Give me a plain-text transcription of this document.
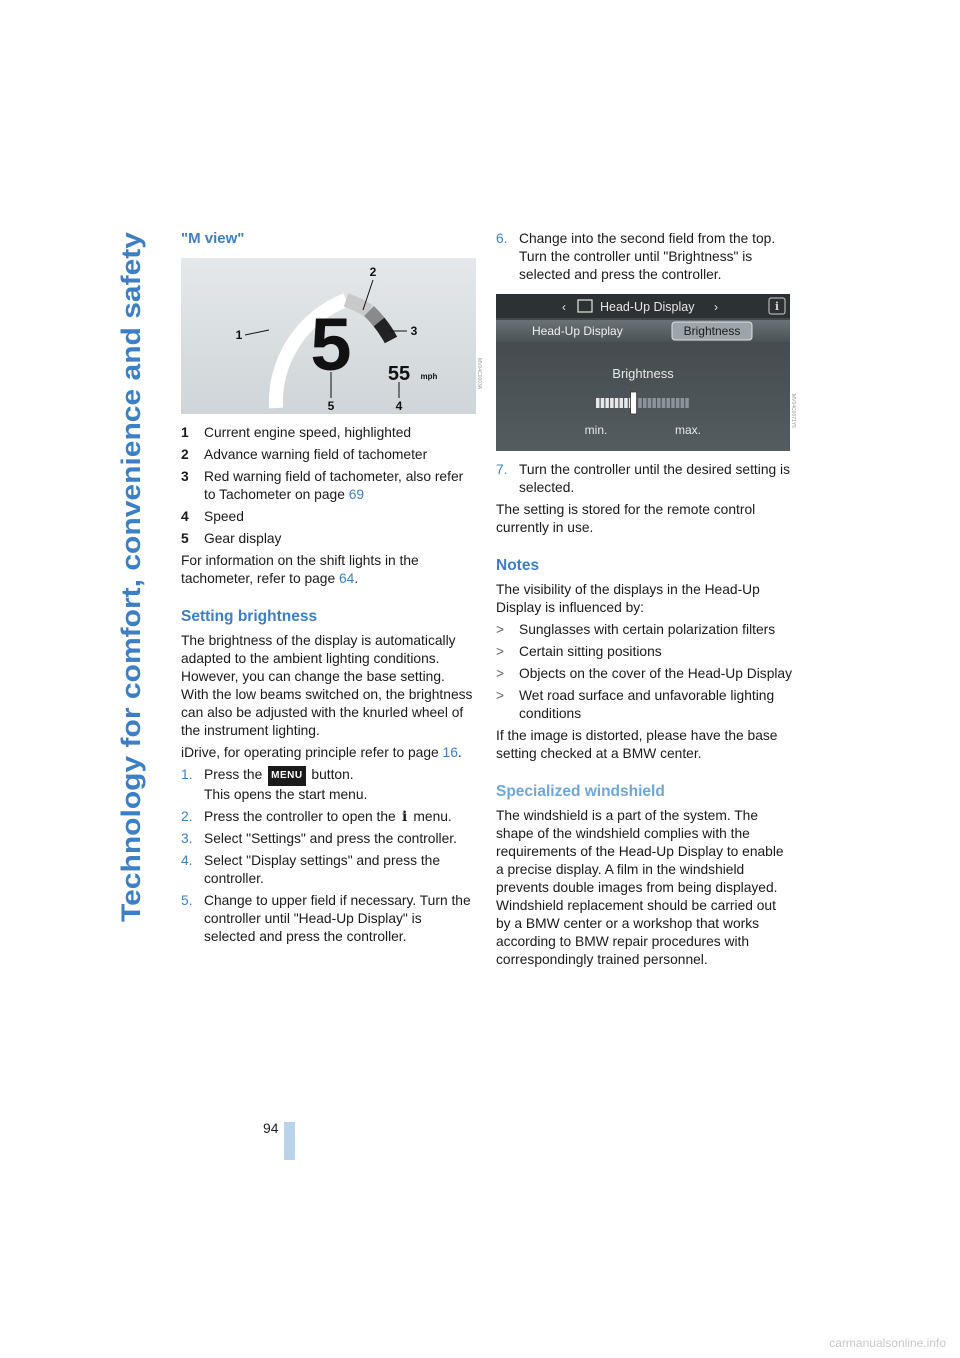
Technology for comfort, convenience and safety
"M view"
5 55 mph
1
2
3
4
5
MV04C0003A
1	Current engine speed, highlighted
2	Advance warning field of tachometer
3	Red warning field of tachometer, also refer to Tachometer on page 69
4	Speed
5	Gear display

For information on the shift lights in the tachometer, refer to page 64.

Setting brightness

The brightness of the display is automatically adapted to the ambient lighting conditions. However, you can change the base setting. With the low beams switched on, the brightness can also be adjusted with the knurled wheel of the instrument lighting.

iDrive, for operating principle refer to page 16.

1. Press the MENU button.
This opens the start menu.
2. Press the controller to open the i menu.
3. Select "Settings" and press the controller.
4. Select "Display settings" and press the controller.
5. Change to upper field if necessary. Turn the controller until "Head-Up Display" is selected and press the controller.
6. Change into the second field from the top. Turn the controller until "Brightness" is selected and press the controller.
‹	Head-Up Display ›	i
Head-Up Display	Brightness
Brightness
min.	max.
MV04C0071Y5
7. Turn the controller until the desired setting is selected.

The setting is stored for the remote control currently in use.

Notes

The visibility of the displays in the Head-Up Display is influenced by:

>	Sunglasses with certain polarization filters
>	Certain sitting positions
>	Objects on the cover of the Head-Up Display
>	Wet road surface and unfavorable lighting conditions

If the image is distorted, please have the base setting checked at a BMW center.

Specialized windshield

The windshield is a part of the system. The shape of the windshield complies with the requirements of the Head-Up Display to enable a precise display. A film in the windshield prevents double images from being displayed. Windshield replacement should be carried out by a BMW center or a workshop that works according to BMW repair procedures with correspondingly trained personnel.

94
carmanualsonline.info
